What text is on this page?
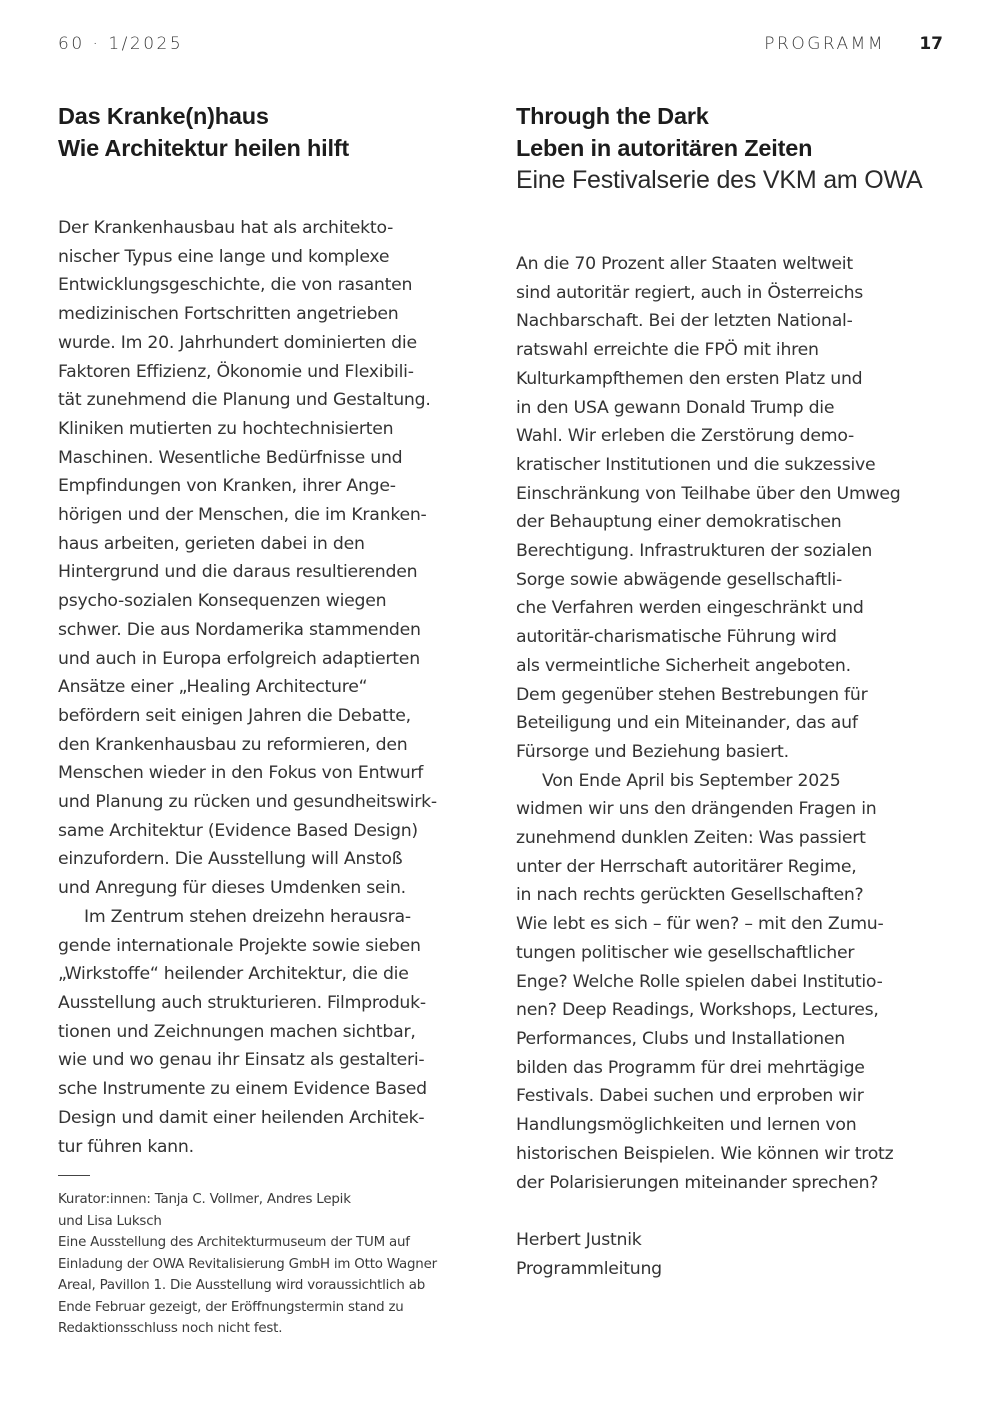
60 · 1/2025	PROGRAMM 17
Das Kranke(n)haus
Wie Architektur heilen hilft
Der Krankenhausbau hat als architekto-
nischer Typus eine lange und komplexe
Entwicklungsgeschichte, die von rasanten
medizinischen Fortschritten angetrieben
wurde. Im 20. Jahrhundert dominierten die
Faktoren Effizienz, Ökonomie und Flexibili-
tät zunehmend die Planung und Gestaltung.
Kliniken mutierten zu hochtechnisierten
Maschinen. Wesentliche Bedürfnisse und
Empfindungen von Kranken, ihrer Ange-
hörigen und der Menschen, die im Kranken-
haus arbeiten, gerieten dabei in den
Hintergrund und die daraus resultierenden
psycho-sozialen Konsequenzen wiegen
schwer. Die aus Nordamerika stammenden
und auch in Europa erfolgreich adaptierten
Ansätze einer „Healing Architecture“
befördern seit einigen Jahren die Debatte,
den Krankenhausbau zu reformieren, den
Menschen wieder in den Fokus von Entwurf
und Planung zu rücken und gesundheitswirk-
same Architektur (Evidence Based Design)
einzufordern. Die Ausstellung will Anstoß
und Anregung für dieses Umdenken sein.
Im Zentrum stehen dreizehn herausra-
gende internationale Projekte sowie sieben
„Wirkstoffe“ heilender Architektur, die die
Ausstellung auch strukturieren. Filmproduk-
tionen und Zeichnungen machen sichtbar,
wie und wo genau ihr Einsatz als gestalteri-
sche Instrumente zu einem Evidence Based
Design und damit einer heilenden Architek-
tur führen kann.
Kurator:innen: Tanja C. Vollmer, Andres Lepik
und Lisa Luksch
Eine Ausstellung des Architekturmuseum der TUM auf
Einladung der OWA Revitalisierung GmbH im Otto Wagner
Areal, Pavillon 1. Die Ausstellung wird voraussichtlich ab
Ende Februar gezeigt, der Eröffnungstermin stand zu
Redaktionsschluss noch nicht fest.
Through the Dark
Leben in autoritären Zeiten
Eine Festivalserie des VKM am OWA
An die 70 Prozent aller Staaten weltweit
sind autoritär regiert, auch in Österreichs
Nachbarschaft. Bei der letzten National-
ratswahl erreichte die FPÖ mit ihren
Kulturkampfthemen den ersten Platz und
in den USA gewann Donald Trump die
Wahl. Wir erleben die Zerstörung demo-
kratischer Institutionen und die sukzessive
Einschränkung von Teilhabe über den Umweg
der Behauptung einer demokratischen
Berechtigung. Infrastrukturen der sozialen
Sorge sowie abwägende gesellschaftli-
che Verfahren werden eingeschränkt und
autoritär-charismatische Führung wird
als vermeintliche Sicherheit angeboten.
Dem gegenüber stehen Bestrebungen für
Beteiligung und ein Miteinander, das auf
Fürsorge und Beziehung basiert.
Von Ende April bis September 2025
widmen wir uns den drängenden Fragen in
zunehmend dunklen Zeiten: Was passiert
unter der Herrschaft autoritärer Regime,
in nach rechts gerückten Gesellschaften?
Wie lebt es sich – für wen? – mit den Zumu-
tungen politischer wie gesellschaftlicher
Enge? Welche Rolle spielen dabei Institutio-
nen? Deep Readings, Workshops, Lectures,
Performances, Clubs und Installationen
bilden das Programm für drei mehrtägige
Festivals. Dabei suchen und erproben wir
Handlungsmöglichkeiten und lernen von
historischen Beispielen. Wie können wir trotz
der Polarisierungen miteinander sprechen?
Herbert Justnik
Programmleitung
